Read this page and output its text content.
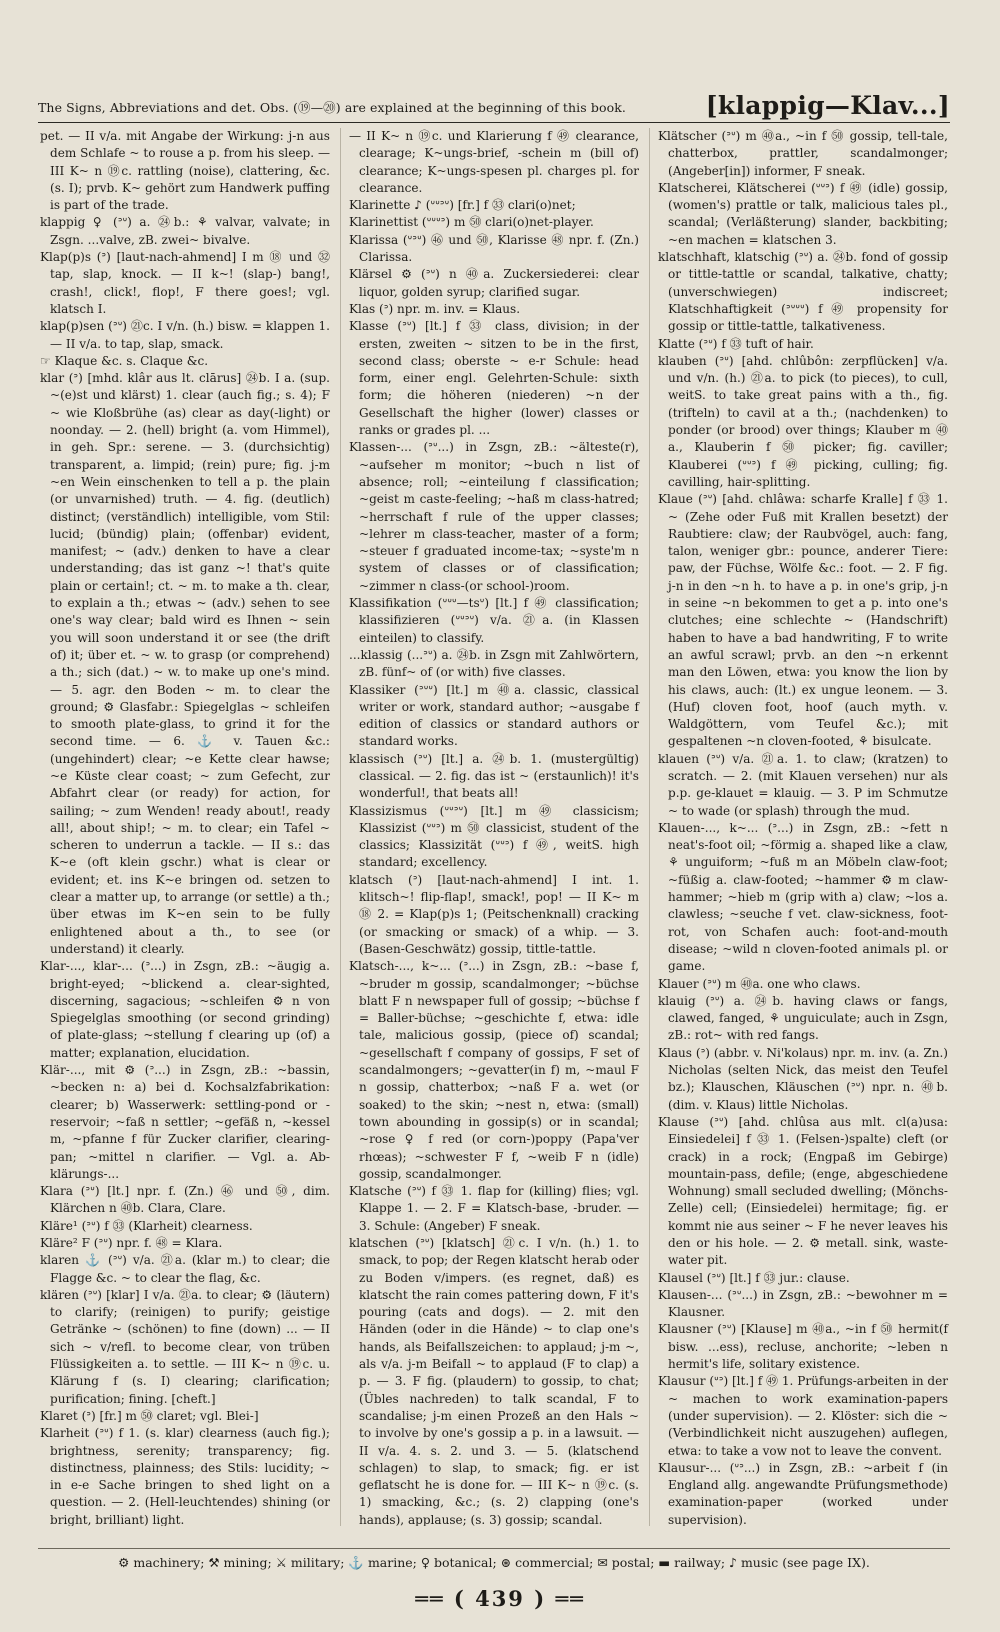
The Signs, Abbreviations and det. Obs. (⑲—⑳) are explained at the beginning of this book.	[klappig—Klav...]

pet. — II v/a. mit Angabe der Wirkung: j-n aus dem Schlafe ~ to rouse a p. from his sleep. — III K~ n ⑲c. rattling (noise), clattering, &c. (s. I); prvb. K~ gehört zum Handwerk puffing is part of the trade.

klappig ♀ (ᐣᐡ) a. ㉔b.: ⚘ valvar, valvate; in Zsgn. ...valve, zB. zwei~ bivalve.

Klap(p)s (ᐣ) [laut-nach-ahmend] I m ⑱ und ㉜ tap, slap, knock. — II k~! (slap-) bang!, crash!, click!, flop!, F there goes!; vgl. klatsch I.

klap(p)sen (ᐣᐡ) ㉑c. I v/n. (h.) bisw. = klappen 1. — II v/a. to tap, slap, smack.

☞ Klaque &c. s. Claque &c.

klar (ᐣ) [mhd. klâr aus lt. clārus] ㉔b. I a. (sup. ~(e)st und klärst) 1. clear (auch fig.; s. 4); F ~ wie Kloßbrühe (as) clear as day(-light) or noonday. — 2. (hell) bright (a. vom Himmel), in geh. Spr.: serene. — 3. (durchsichtig) transparent, a. limpid; (rein) pure; fig. j-m ~en Wein einschenken to tell a p. the plain (or unvarnished) truth. — 4. fig. (deutlich) distinct; (verständlich) intelligible, vom Stil: lucid; (bündig) plain; (offenbar) evident, manifest; ~ (adv.) denken to have a clear understanding; das ist ganz ~! that's quite plain or certain!; ct. ~ m. to make a th. clear, to explain a th.; etwas ~ (adv.) sehen to see one's way clear; bald wird es Ihnen ~ sein you will soon understand it or see (the drift of) it; über et. ~ w. to grasp (or comprehend) a th.; sich (dat.) ~ w. to make up one's mind. — 5. agr. den Boden ~ m. to clear the ground; ⚙ Glasfabr.: Spiegelglas ~ schleifen to smooth plate-glass, to grind it for the second time. — 6. ⚓ v. Tauen &c.: (ungehindert) clear; ~e Kette clear hawse; ~e Küste clear coast; ~ zum Gefecht, zur Abfahrt clear (or ready) for action, for sailing; ~ zum Wenden! ready about!, ready all!, about ship!; ~ m. to clear; ein Tafel ~ scheren to underrun a tackle. — II s.: das K~e (oft klein gschr.) what is clear or evident; et. ins K~e bringen od. setzen to clear a matter up, to arrange (or settle) a th.; über etwas im K~en sein to be fully enlightened about a th., to see (or understand) it clearly.

Klar-..., klar-... (ᐣ...) in Zsgn, zB.: ~äugig a. bright-eyed; ~blickend a. clear-sighted, discerning, sagacious; ~schleifen ⚙ n von Spiegelglas smoothing (or second grinding) of plate-glass; ~stellung f clearing up (of) a matter; explanation, elucidation.

Klär-..., mit ⚙ (ᐣ...) in Zsgn, zB.: ~bassin, ~becken n: a) bei d. Kochsalzfabrikation: clearer; b) Wasserwerk: settling-pond or -reservoir; ~faß n settler; ~gefäß n, ~kessel m, ~pfanne f für Zucker clarifier, clearing-pan; ~mittel n clarifier. — Vgl. a. Ab-klärungs-...

Klara (ᐣᐡ) [lt.] npr. f. (Zn.) ㊻ und ㊿, dim. Klärchen n ㊵b. Clara, Clare.

Kläre¹ (ᐣᐡ) f ㉝ (Klarheit) clearness.

Kläre² F (ᐣᐡ) npr. f. ㊽ = Klara.

klaren ⚓ (ᐣᐡ) v/a. ㉑a. (klar m.) to clear; die Flagge &c. ~ to clear the flag, &c.

klären (ᐣᐡ) [klar] I v/a. ㉑a. to clear; ⚙ (läutern) to clarify; (reinigen) to purify; geistige Getränke ~ (schönen) to fine (down) ... — II sich ~ v/refl. to become clear, von trüben Flüssigkeiten a. to settle. — III K~ n ⑲c. u. Klärung f (s. I) clearing; clarification; purification; fining. [cheft.]

Klaret (ᐣ) [fr.] m ㊿ claret; vgl. Blei-]

Klarheit (ᐣᐡ) f 1. (s. klar) clearness (auch fig.); brightness, serenity; transparency; fig. distinctness, plainness; des Stils: lucidity; ~ in e-e Sache bringen to shed light on a question. — 2. (Hell-leuchtendes) shining (or bright, brilliant) light.

— II K~ n ⑲c. und Klarierung f ㊾ clearance, clearage; K~ungs-brief, -schein m (bill of) clearance; K~ungs-spesen pl. charges pl. for clearance.

Klarinette ♪ (ᐡᐡᐣᐡ) [fr.] f ㉝ clari(o)net;

Klarinettist (ᐡᐡᐡᐣ) m ㊿ clari(o)net-player.

Klarissa (ᐡᐣᐡ) ㊻ und ㊿, Klarisse ㊽ npr. f. (Zn.) Clarissa.

Klärsel ⚙ (ᐣᐡ) n ㊵a. Zuckersiederei: clear liquor, golden syrup; clarified sugar.

Klas (ᐣ) npr. m. inv. = Klaus.

Klasse (ᐣᐡ) [lt.] f ㉝ class, division; in der ersten, zweiten ~ sitzen to be in the first, second class; oberste ~ e-r Schule: head form, einer engl. Gelehrten-Schule: sixth form; die höheren (niederen) ~n der Gesellschaft the higher (lower) classes or ranks or grades pl. ...

Klassen-... (ᐣᐡ...) in Zsgn, zB.: ~älteste(r), ~aufseher m monitor; ~buch n list of absence; roll; ~einteilung f classification; ~geist m caste-feeling; ~haß m class-hatred; ~herrschaft f rule of the upper classes; ~lehrer m class-teacher, master of a form; ~steuer f graduated income-tax; ~syste'm n system of classes or of classification; ~zimmer n class-(or school-)room.

Klassifikation (ᐡᐡᐡ—tsᐡ) [lt.] f ㊾ classification; klassifizieren (ᐡᐡᐣᐡ) v/a. ㉑a. (in Klassen einteilen) to classify.

...klassig (...ᐣᐡ) a. ㉔b. in Zsgn mit Zahlwörtern, zB. fünf~ of (or with) five classes.

Klassiker (ᐣᐡᐡ) [lt.] m ㊵a. classic, classical writer or work, standard author; ~ausgabe f edition of classics or standard authors or standard works.

klassisch (ᐣᐡ) [lt.] a. ㉔b. 1. (mustergültig) classical. — 2. fig. das ist ~ (erstaunlich)! it's wonderful!, that beats all!

Klassizismus (ᐡᐡᐣᐡ) [lt.] m ㊾ classicism; Klassizist (ᐡᐡᐣ) m ㊿ classicist, student of the classics; Klassizität (ᐡᐡᐣ) f ㊾, weitS. high standard; excellency.

klatsch (ᐣ) [laut-nach-ahmend] I int. 1. klitsch~! flip-flap!, smack!, pop! — II K~ m ⑱ 2. = Klap(p)s 1; (Peitschenknall) cracking (or smacking or smack) of a whip. — 3. (Basen-Geschwätz) gossip, tittle-tattle.

Klatsch-..., k~... (ᐣ...) in Zsgn, zB.: ~base f, ~bruder m gossip, scandalmonger; ~büchse blatt F n newspaper full of gossip; ~büchse f = Baller-büchse; ~geschichte f, etwa: idle tale, malicious gossip, (piece of) scandal; ~gesellschaft f company of gossips, F set of scandalmongers; ~gevatter(in f) m, ~maul F n gossip, chatterbox; ~naß F a. wet (or soaked) to the skin; ~nest n, etwa: (small) town abounding in gossip(s) or in scandal; ~rose ♀ f red (or corn-)poppy (Papa'ver rhœas); ~schwester F f, ~weib F n (idle) gossip, scandalmonger.

Klatsche (ᐣᐡ) f ㉝ 1. flap for (killing) flies; vgl. Klappe 1. — 2. F = Klatsch-base, -bruder. — 3. Schule: (Angeber) F sneak.

klatschen (ᐣᐡ) [klatsch] ㉑c. I v/n. (h.) 1. to smack, to pop; der Regen klatscht herab oder zu Boden v/impers. (es regnet, daß) es klatscht the rain comes pattering down, F it's pouring (cats and dogs). — 2. mit den Händen (oder in die Hände) ~ to clap one's hands, als Beifallszeichen: to applaud; j-m ~, als v/a. j-m Beifall ~ to applaud (F to clap) a p. — 3. F fig. (plaudern) to gossip, to chat; (Übles nachreden) to talk scandal, F to scandalise; j-m einen Prozeß an den Hals ~ to involve by one's gossip a p. in a lawsuit. — II v/a. 4. s. 2. und 3. — 5. (klatschend schlagen) to slap, to smack; fig. er ist geflatscht he is done for. — III K~ n ⑲c. (s. 1) smacking, &c.; (s. 2) clapping (one's hands), applause; (s. 3) gossip; scandal.

Klätscher (ᐣᐡ) m ㊵a., ~in f ㊿ gossip, tell-tale, chatterbox, prattler, scandalmonger; (Angeber[in]) informer, F sneak.

Klatscherei, Klätscherei (ᐡᐡᐣ) f ㊾ (idle) gossip, (women's) prattle or talk, malicious tales pl., scandal; (Verläßterung) slander, backbiting; ~en machen = klatschen 3.

klatschhaft, klatschig (ᐣᐡ) a. ㉔b. fond of gossip or tittle-tattle or scandal, talkative, chatty; (unverschwiegen) indiscreet; Klatschhaftigkeit (ᐣᐡᐡᐡ) f ㊾ propensity for gossip or tittle-tattle, talkativeness.

Klatte (ᐣᐡ) f ㉝ tuft of hair.

klauben (ᐣᐡ) [ahd. chlûbôn: zerpflücken] v/a. und v/n. (h.) ㉑a. to pick (to pieces), to cull, weitS. to take great pains with a th., fig. (trifteln) to cavil at a th.; (nachdenken) to ponder (or brood) over things; Klauber m ㊵a., Klauberin f ㊿ picker; fig. caviller; Klauberei (ᐡᐡᐣ) f ㊾ picking, culling; fig. cavilling, hair-splitting.

Klaue (ᐣᐡ) [ahd. chlâwa: scharfe Kralle] f ㉝ 1. ~ (Zehe oder Fuß mit Krallen besetzt) der Raubtiere: claw; der Raubvögel, auch: fang, talon, weniger gbr.: pounce, anderer Tiere: paw, der Füchse, Wölfe &c.: foot. — 2. F fig. j-n in den ~n h. to have a p. in one's grip, j-n in seine ~n bekommen to get a p. into one's clutches; eine schlechte ~ (Handschrift) haben to have a bad handwriting, F to write an awful scrawl; prvb. an den ~n erkennt man den Löwen, etwa: you know the lion by his claws, auch: (lt.) ex ungue leonem. — 3. (Huf) cloven foot, hoof (auch myth. v. Waldgöttern, vom Teufel &c.); mit gespaltenen ~n cloven-footed, ⚘ bisulcate.

klauen (ᐣᐡ) v/a. ㉑a. 1. to claw; (kratzen) to scratch. — 2. (mit Klauen versehen) nur als p.p. ge-klauet = klauig. — 3. P im Schmutze ~ to wade (or splash) through the mud.

Klauen-..., k~... (ᐣ...) in Zsgn, zB.: ~fett n neat's-foot oil; ~förmig a. shaped like a claw, ⚘ unguiform; ~fuß m an Möbeln claw-foot; ~füßig a. claw-footed; ~hammer ⚙ m claw-hammer; ~hieb m (grip with a) claw; ~los a. clawless; ~seuche f vet. claw-sickness, foot-rot, von Schafen auch: foot-and-mouth disease; ~wild n cloven-footed animals pl. or game.

Klauer (ᐣᐡ) m ㊵a. one who claws.

klauig (ᐣᐡ) a. ㉔b. having claws or fangs, clawed, fanged, ⚘ unguiculate; auch in Zsgn, zB.: rot~ with red fangs.

Klaus (ᐣ) (abbr. v. Ni'kolaus) npr. m. inv. (a. Zn.) Nicholas (selten Nick, das meist den Teufel bz.); Klauschen, Kläuschen (ᐣᐡ) npr. n. ㊵b. (dim. v. Klaus) little Nicholas.

Klause (ᐣᐡ) [ahd. chlûsa aus mlt. cl(a)usa: Einsiedelei] f ㉝ 1. (Felsen-)spalte) cleft (or crack) in a rock; (Engpaß im Gebirge) mountain-pass, defile; (enge, abgeschiedene Wohnung) small secluded dwelling; (Mönchs-Zelle) cell; (Einsiedelei) hermitage; fig. er kommt nie aus seiner ~ F he never leaves his den or his hole. — 2. ⚙ metall. sink, waste-water pit.

Klausel (ᐣᐡ) [lt.] f ㉝ jur.: clause.

Klausen-... (ᐣᐡ...) in Zsgn, zB.: ~bewohner m = Klausner.

Klausner (ᐣᐡ) [Klause] m ㊵a., ~in f ㊿ hermit(f bisw. ...ess), recluse, anchorite; ~leben n hermit's life, solitary existence.

Klausur (ᐡᐣ) [lt.] f ㊾ 1. Prüfungs-arbeiten in der ~ machen to work examination-papers (under supervision). — 2. Klöster: sich die ~ (Verbindlichkeit nicht auszugehen) auflegen, etwa: to take a vow not to leave the convent.

Klausur-... (ᐡᐣ...) in Zsgn, zB.: ~arbeit f (in England allg. angewandte Prüfungsmethode) examination-paper (worked under supervision).

⚙ machinery; ⚒ mining; ⚔ military; ⚓ marine; ♀ botanical; ⊛ commercial; ✉ postal; ▬ railway; ♪ music (see page IX).
══ ( 439 ) ══
